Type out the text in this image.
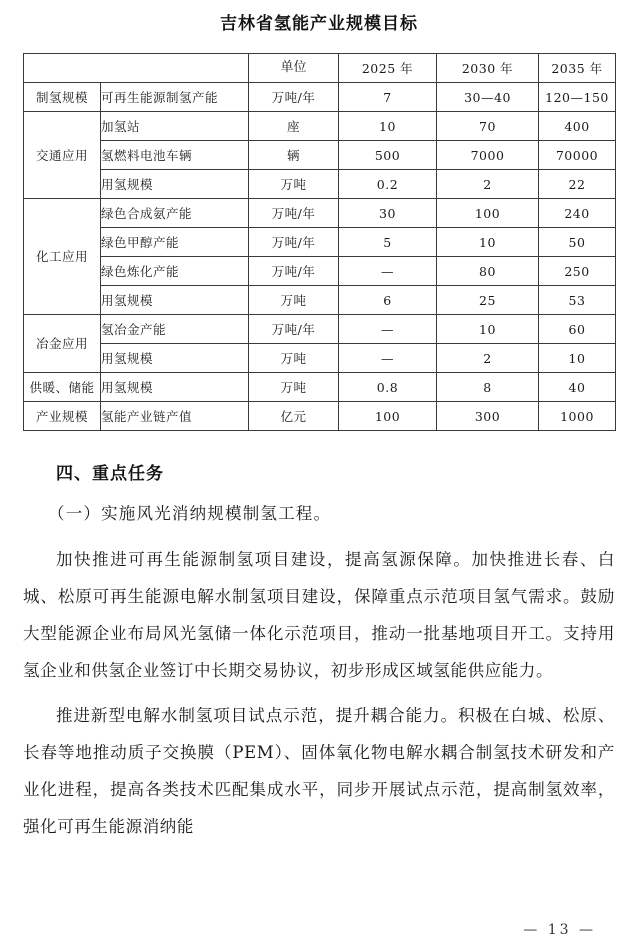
吉林省氢能产业规模目标
		单位	2025 年	2030 年	2035 年
制氢规模	可再生能源制氢产能	万吨/年	7	30—40	120—150
交通应用	加氢站	座	10	70	400
	氢燃料电池车辆	辆	500	7000	70000
	用氢规模	万吨	0.2	2	22
化工应用	绿色合成氨产能	万吨/年	30	100	240
	绿色甲醇产能	万吨/年	5	10	50
	绿色炼化产能	万吨/年	—	80	250
	用氢规模	万吨	6	25	53
冶金应用	氢冶金产能	万吨/年	—	10	60
	用氢规模	万吨	—	2	10
供暖、储能	用氢规模	万吨	0.8	8	40
产业规模	氢能产业链产值	亿元	100	300	1000
四、重点任务
（一）实施风光消纳规模制氢工程。

加快推进可再生能源制氢项目建设，提高氢源保障。加快推进长春、白城、松原可再生能源电解水制氢项目建设，保障重点示范项目氢气需求。鼓励大型能源企业布局风光氢储一体化示范项目，推动一批基地项目开工。支持用氢企业和供氢企业签订中长期交易协议，初步形成区域氢能供应能力。

推进新型电解水制氢项目试点示范，提升耦合能力。积极在白城、松原、长春等地推动质子交换膜（PEM）、固体氧化物电解水耦合制氢技术研发和产业化进程，提高各类技术匹配集成水平，同步开展试点示范，提高制氢效率，强化可再生能源消纳能

— 13 —
